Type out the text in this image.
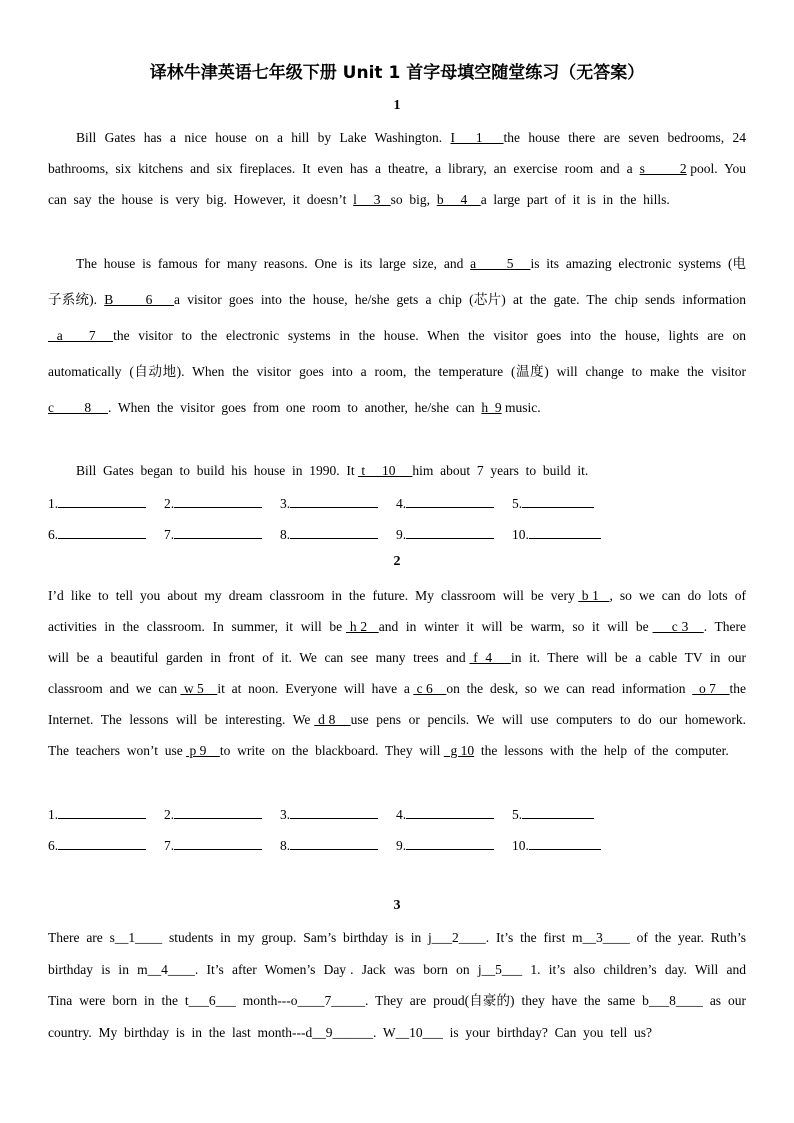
译林牛津英语七年级下册 Unit 1 首字母填空随堂练习（无答案）
1
Bill  Gates  has  a  nice  house  on  a  hill  by  Lake  Washington.  I     1     the  house  there  are  seven  bedrooms,  24  bathrooms,  six  kitchens  and  six  fireplaces.  It  even  has  a  theatre,  a  library,  an  exercise  room  and  a  s          2 pool.  You  can  say  the  house  is  very  big.  However,  it  doesn’t  l     3   so  big,  b     4    a  large  part  of  it  is  in  the  hills.
The  house  is  famous  for  many  reasons.  One  is  its  large  size,  and  a         5     is  its  amazing  electronic  systems  (电子系统).  B         6      a  visitor  goes  into  the  house,  he/she  gets  a  chip  (芯片)  at  the  gate.  The  chip  sends  information    a      7    the  visitor  to  the  electronic  systems  in  the  house.  When  the  visitor  goes  into  the  house,  lights  are  on  automatically  (自动地).  When  the  visitor  goes  into  a  room,  the  temperature  (温度)  will  change  to  make  the  visitor  c         8     .  When  the  visitor  goes  from  one  room  to  another,  he/she  can  h  9 music.
Bill  Gates  began  to  build  his  house  in  1990.  It  t     10     him  about  7  years  to  build  it.
1.	2.	3.	4.	5.
6.	7.	8.	9.	10.
2
I’d  like  to  tell  you  about  my  dream  classroom  in  the  future.  My  classroom  will  be  very  b 1   ,  so  we  can  do  lots  of  activities  in  the  classroom.  In  summer,  it  will  be  h 2   and  in  winter  it  will  be  warm,  so  it  will  be      c 3    .  There  will  be  a  beautiful  garden  in  front  of  it.  We  can  see  many  trees  and  f  4     in  it.  There  will  be  a  cable  TV  in  our  classroom  and  we  can  w 5    it  at  noon.  Everyone  will  have  a  c 6    on  the  desk,  so  we  can  read  information    o 7    the  Internet.  The  lessons  will  be  interesting.  We  d 8    use  pens  or  pencils.  We  will  use  computers  to  do  our  homework.  The  teachers  won’t  use  p 9    to  write  on  the  blackboard.  They  will   g 10  the  lessons  with  the  help  of  the  computer.
1.	2.	3.	4.	5.
6.	7.	8.	9.	10.
3
There  are  s__1____  students  in  my  group.  Sam’s  birthday  is  in  j___2____.  It’s  the  first  m__3____  of  the  year.  Ruth’s  birthday  is  in  m__4____.  It’s  after  Women’s  Day .  Jack  was  born  on  j__5___  1.  it’s  also  children’s  day.  Will  and  Tina  were  born  in  the  t___6___  month---o____7_____.  They  are  proud(自豪的)  they  have  the  same  b___8____  as  our  country.  My  birthday  is  in  the  last  month---d__9______.  W__10___  is  your  birthday?  Can  you  tell  us?
